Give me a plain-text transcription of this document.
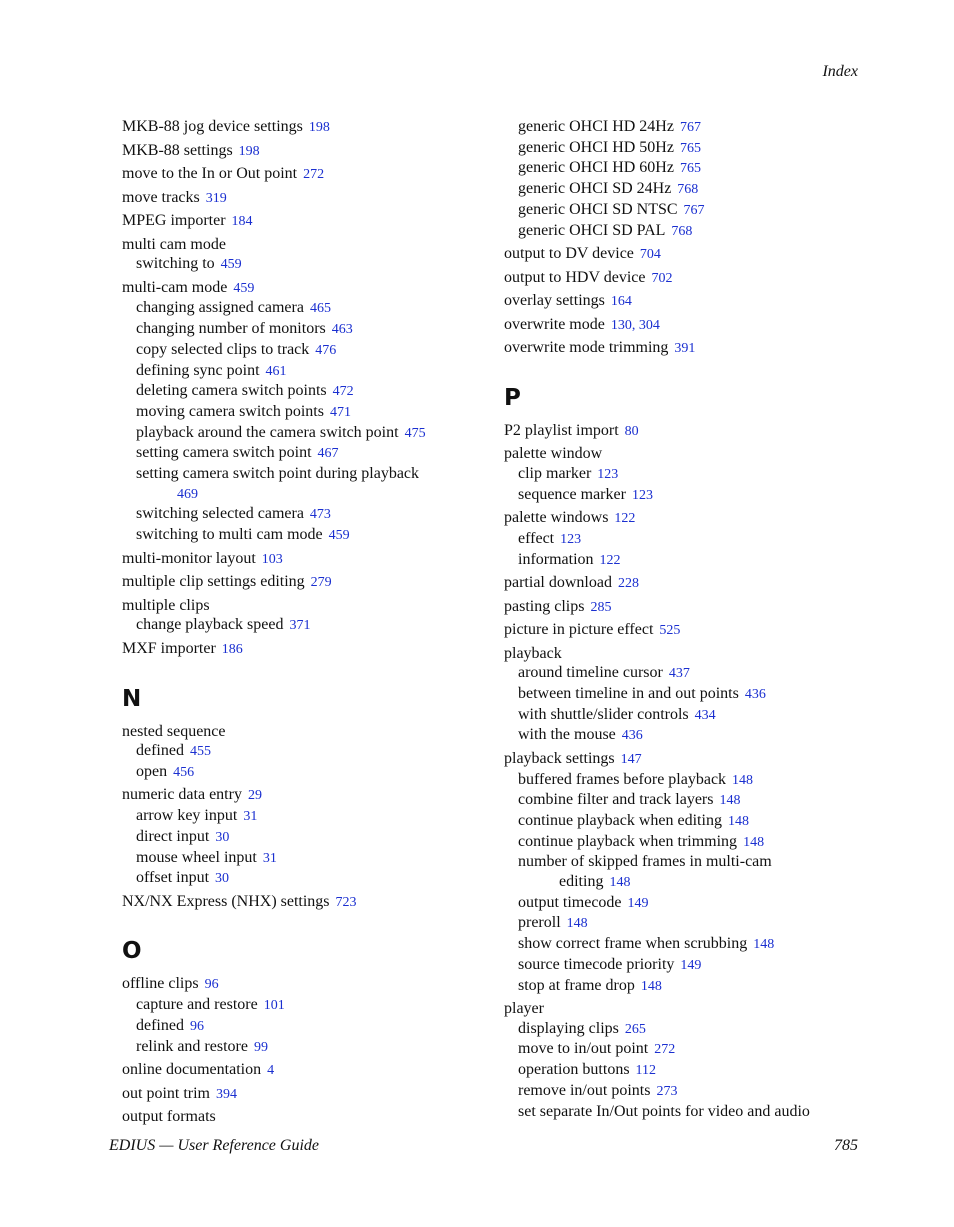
Index
MKB-88 jog device settings 198
MKB-88 settings 198
move to the In or Out point 272
move tracks 319
MPEG importer 184
multi cam mode
switching to 459
multi-cam mode 459
changing assigned camera 465
changing number of monitors 463
copy selected clips to track 476
defining sync point 461
deleting camera switch points 472
moving camera switch points 471
playback around the camera switch point 475
setting camera switch point 467
setting camera switch point during playback
469
switching selected camera 473
switching to multi cam mode 459
multi-monitor layout 103
multiple clip settings editing 279
multiple clips
change playback speed 371
MXF importer 186
N
nested sequence
defined 455
open 456
numeric data entry 29
arrow key input 31
direct input 30
mouse wheel input 31
offset input 30
NX/NX Express (NHX) settings 723
O
offline clips 96
capture and restore 101
defined 96
relink and restore 99
online documentation 4
out point trim 394
output formats
generic OHCI HD 24Hz 767
generic OHCI HD 50Hz 765
generic OHCI HD 60Hz 765
generic OHCI SD 24Hz 768
generic OHCI SD NTSC 767
generic OHCI SD PAL 768
output to DV device 704
output to HDV device 702
overlay settings 164
overwrite mode 130, 304
overwrite mode trimming 391
P
P2 playlist import 80
palette window
clip marker 123
sequence marker 123
palette windows 122
effect 123
information 122
partial download 228
pasting clips 285
picture in picture effect 525
playback
around timeline cursor 437
between timeline in and out points 436
with shuttle/slider controls 434
with the mouse 436
playback settings 147
buffered frames before playback 148
combine filter and track layers 148
continue playback when editing 148
continue playback when trimming 148
number of skipped frames in multi-cam
editing 148
output timecode 149
preroll 148
show correct frame when scrubbing 148
source timecode priority 149
stop at frame drop 148
player
displaying clips 265
move to in/out point 272
operation buttons 112
remove in/out points 273
set separate In/Out points for video and audio
EDIUS — User Reference Guide	785
